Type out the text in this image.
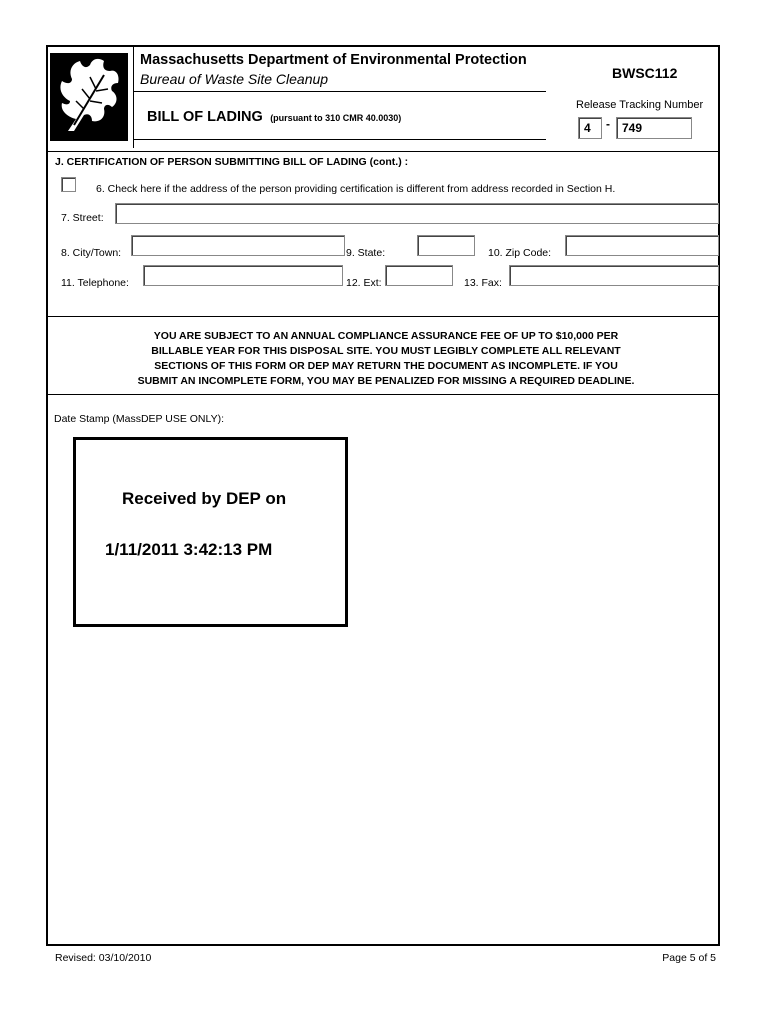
Massachusetts Department of Environmental Protection
Bureau of Waste Site Cleanup
BILL OF LADING (pursuant to 310 CMR 40.0030)
BWSC112
Release Tracking Number
4	-	749
J. CERTIFICATION OF PERSON SUBMITTING BILL OF LADING (cont.) :
6. Check here if the address of the person providing certification is different from address recorded in Section H.
7. Street:
8. City/Town:	9. State:	10. Zip Code:
11. Telephone:	12. Ext:	13. Fax:
YOU ARE SUBJECT TO AN ANNUAL COMPLIANCE ASSURANCE FEE OF UP TO $10,000 PER
BILLABLE YEAR FOR THIS DISPOSAL SITE. YOU MUST LEGIBLY COMPLETE ALL RELEVANT
SECTIONS OF THIS FORM OR DEP MAY RETURN THE DOCUMENT AS INCOMPLETE. IF YOU
SUBMIT AN INCOMPLETE FORM, YOU MAY BE PENALIZED FOR MISSING A REQUIRED DEADLINE.
Date Stamp (MassDEP USE ONLY):
Received by DEP on
1/11/2011 3:42:13 PM
Revised: 03/10/2010	Page 5 of 5
